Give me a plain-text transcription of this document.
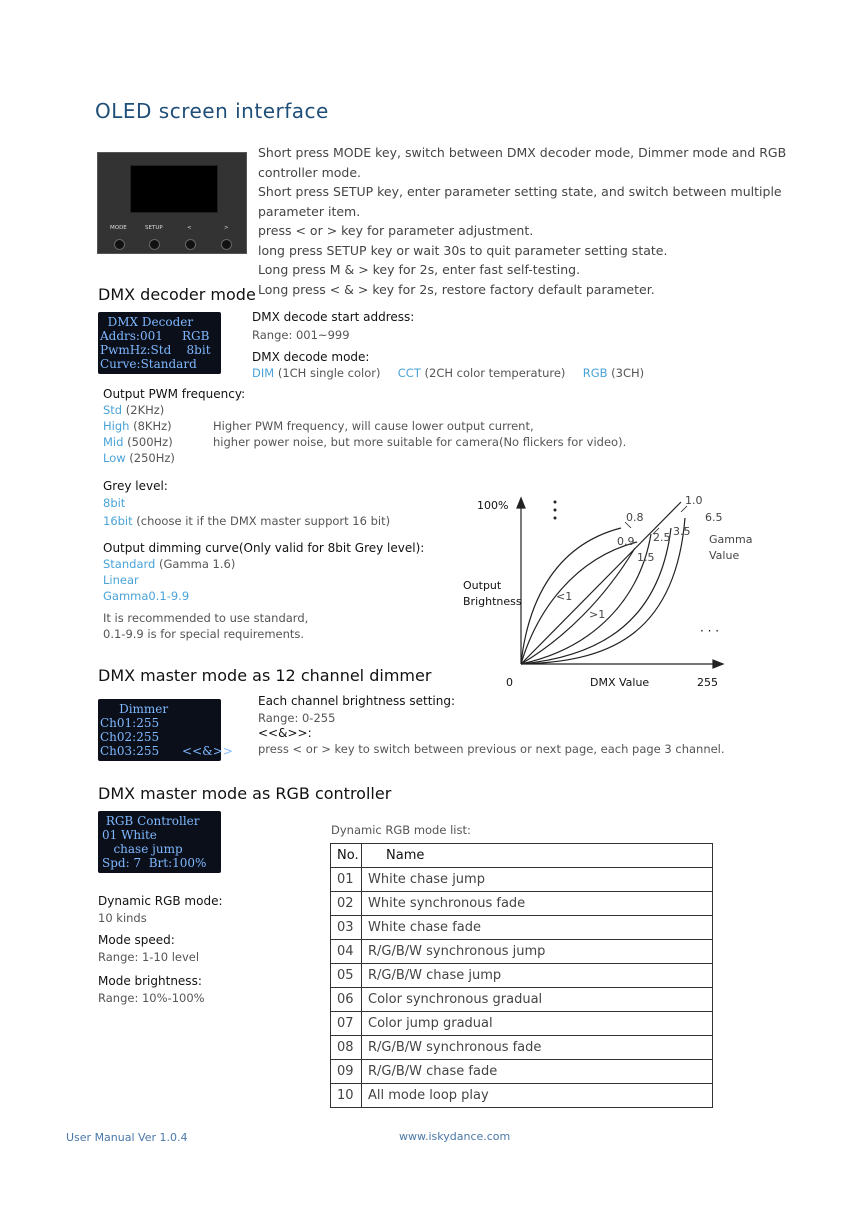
OLED screen interface
MODE	SETUP	<	>
Short press MODE key, switch between DMX decoder mode, Dimmer mode and RGB controller mode.
Short press SETUP key, enter parameter setting state, and switch between multiple parameter item.
press < or > key for parameter adjustment.
long press SETUP key or wait 30s to quit parameter setting state.
Long press M & > key for 2s, enter fast self-testing.
Long press < & > key for 2s, restore factory default parameter.
DMX decoder mode
DMX Decoder
Addrs:001     RGB
PwmHz:Std    8bit
Curve:Standard
DMX decode start address:
Range: 001~999
DMX decode mode:
DIM (1CH single color) CCT (2CH color temperature) RGB (3CH)
Output PWM frequency:
Std (2KHz)
High (8KHz)
Mid (500Hz)
Low (250Hz)
Higher PWM frequency, will cause lower output current,
higher power noise, but more suitable for camera(No flickers for video).
Grey level:
8bit
16bit (choose it if the DMX master support 16 bit)
Output dimming curve(Only valid for 8bit Grey level):
Standard (Gamma 1.6)
Linear
Gamma0.1-9.9
It is recommended to use standard,
0.1-9.9 is for special requirements.
100%
Output
Brightness
0	DMX Value	255
1.0
0.8
0.9 2.5 3.5
6.5
1.5
Gamma
Value
<1
>1
· · ·
DMX master mode as 12 channel dimmer
Dimmer
Ch01:255
Ch02:255
Ch03:255      <<&>>
Each channel brightness setting:
Range: 0-255
<<&>>:
press < or > key to switch between previous or next page, each page 3 channel.
DMX master mode as RGB controller
RGB Controller
01 White
chase jump
Spd: 7  Brt:100%
Dynamic RGB mode:
10 kinds
Mode speed:
Range: 1-10 level
Mode brightness:
Range: 10%-100%
Dynamic RGB mode list:
No.	Name
01	White chase jump
02	White synchronous fade
03	White chase fade
04	R/G/B/W synchronous jump
05	R/G/B/W chase jump
06	Color synchronous gradual
07	Color jump gradual
08	R/G/B/W synchronous fade
09	R/G/B/W chase fade
10	All mode loop play
User Manual Ver 1.0.4	www.iskydance.com
